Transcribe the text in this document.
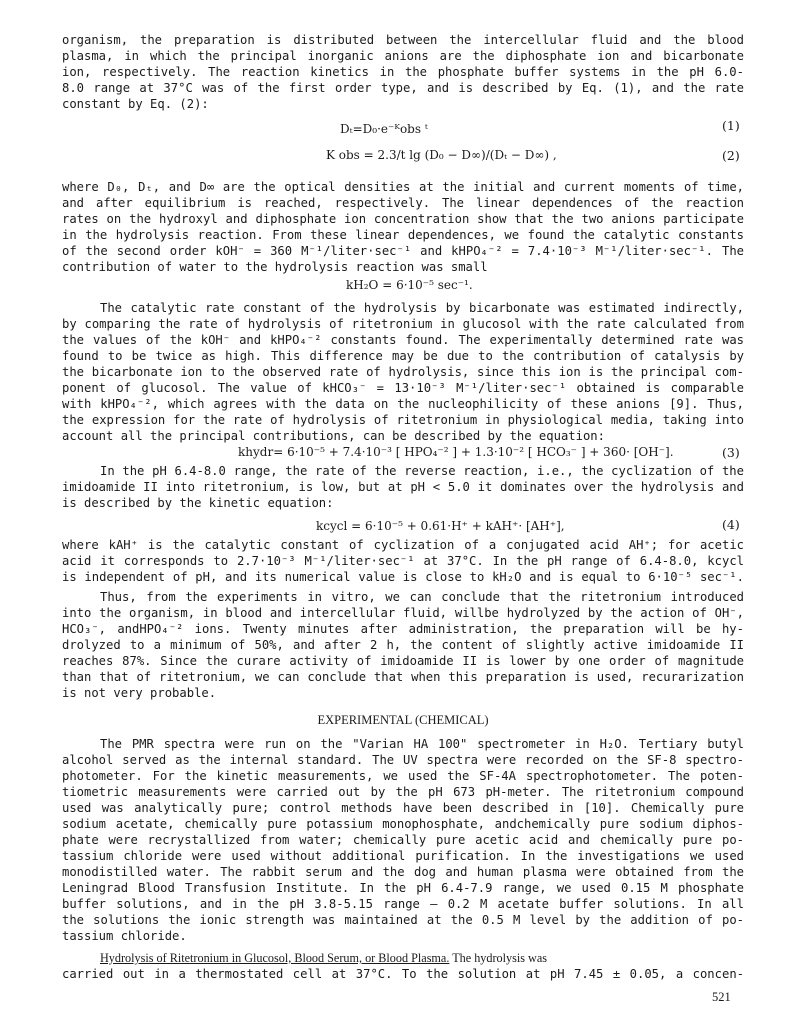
organism, the preparation is distributed between the intercellular fluid and the blood
plasma, in which the principal inorganic anions are the diphosphate ion and bicarbonate
ion, respectively. The reaction kinetics in the phosphate buffer systems in the pH 6.0-
8.0 range at 37°C was of the first order type, and is described by Eq. (1), and the rate
constant by Eq. (2):
Dₜ=D₀·e⁻ᴷobs ᵗ	(1)
K obs = 2.3/t lg (D₀ − D∞)/(Dₜ − D∞) ,	(2)
where D₀, Dₜ, and D∞ are the optical densities at the initial and current moments of time,
and after equilibrium is reached, respectively. The linear dependences of the reaction
rates on the hydroxyl and diphosphate ion concentration show that the two anions participate
in the hydrolysis reaction. From these linear dependences, we found the catalytic constants
of the second order kOH⁻ = 360 M⁻¹/liter·sec⁻¹ and kHPO₄⁻² = 7.4·10⁻³ M⁻¹/liter·sec⁻¹. The
contribution of water to the hydrolysis reaction was small
kH₂O = 6·10⁻⁵ sec⁻¹.
The catalytic rate constant of the hydrolysis by bicarbonate was estimated indirectly,
by comparing the rate of hydrolysis of ritetronium in glucosol with the rate calculated from
the values of the kOH⁻ and kHPO₄⁻² constants found. The experimentally determined rate was
found to be twice as high. This difference may be due to the contribution of catalysis by
the bicarbonate ion to the observed rate of hydrolysis, since this ion is the principal com-
ponent of glucosol. The value of kHCO₃⁻ = 13·10⁻³ M⁻¹/liter·sec⁻¹ obtained is comparable
with kHPO₄⁻², which agrees with the data on the nucleophilicity of these anions [9]. Thus,
the expression for the rate of hydrolysis of ritetronium in physiological media, taking into
account all the principal contributions, can be described by the equation:
khydr= 6·10⁻⁵ + 7.4·10⁻³ [ HPO₄⁻² ] + 1.3·10⁻² [ HCO₃⁻ ] + 360· [OH⁻].	(3)
In the pH 6.4-8.0 range, the rate of the reverse reaction, i.e., the cyclization of the
imidoamide II into ritetronium, is low, but at pH < 5.0 it dominates over the hydrolysis and
is described by the kinetic equation:
kcycl = 6·10⁻⁵ + 0.61·H⁺ + kAH⁺· [AH⁺],	(4)
where kAH⁺ is the catalytic constant of cyclization of a conjugated acid AH⁺; for acetic
acid it corresponds to 2.7·10⁻³ M⁻¹/liter·sec⁻¹ at 37°C. In the pH range of 6.4-8.0, kcycl
is independent of pH, and its numerical value is close to kH₂O and is equal to 6·10⁻⁵ sec⁻¹.
Thus, from the experiments in vitro, we can conclude that the ritetronium introduced
into the organism, in blood and intercellular fluid, willbe hydrolyzed by the action of OH⁻,
HCO₃⁻, andHPO₄⁻² ions. Twenty minutes after administration, the preparation will be hy-
drolyzed to a minimum of 50%, and after 2 h, the content of slightly active imidoamide II
reaches 87%. Since the curare activity of imidoamide II is lower by one order of magnitude
than that of ritetronium, we can conclude that when this preparation is used, recurarization
is not very probable.
EXPERIMENTAL (CHEMICAL)
The PMR spectra were run on the "Varian HA 100" spectrometer in H₂O. Tertiary butyl
alcohol served as the internal standard. The UV spectra were recorded on the SF-8 spectro-
photometer. For the kinetic measurements, we used the SF-4A spectrophotometer. The poten-
tiometric measurements were carried out by the pH 673 pH-meter. The ritetronium compound
used was analytically pure; control methods have been described in [10]. Chemically pure
sodium acetate, chemically pure potassium monophosphate, andchemically pure sodium diphos-
phate were recrystallized from water; chemically pure acetic acid and chemically pure po-
tassium chloride were used without additional purification. In the investigations we used
monodistilled water. The rabbit serum and the dog and human plasma were obtained from the
Leningrad Blood Transfusion Institute. In the pH 6.4-7.9 range, we used 0.15 M phosphate
buffer solutions, and in the pH 3.8-5.15 range — 0.2 M acetate buffer solutions. In all
the solutions the ionic strength was maintained at the 0.5 M level by the addition of po-
tassium chloride.
Hydrolysis of Ritetronium in Glucosol, Blood Serum, or Blood Plasma. The hydrolysis was
carried out in a thermostated cell at 37°C. To the solution at pH 7.45 ± 0.05, a concen-
521
